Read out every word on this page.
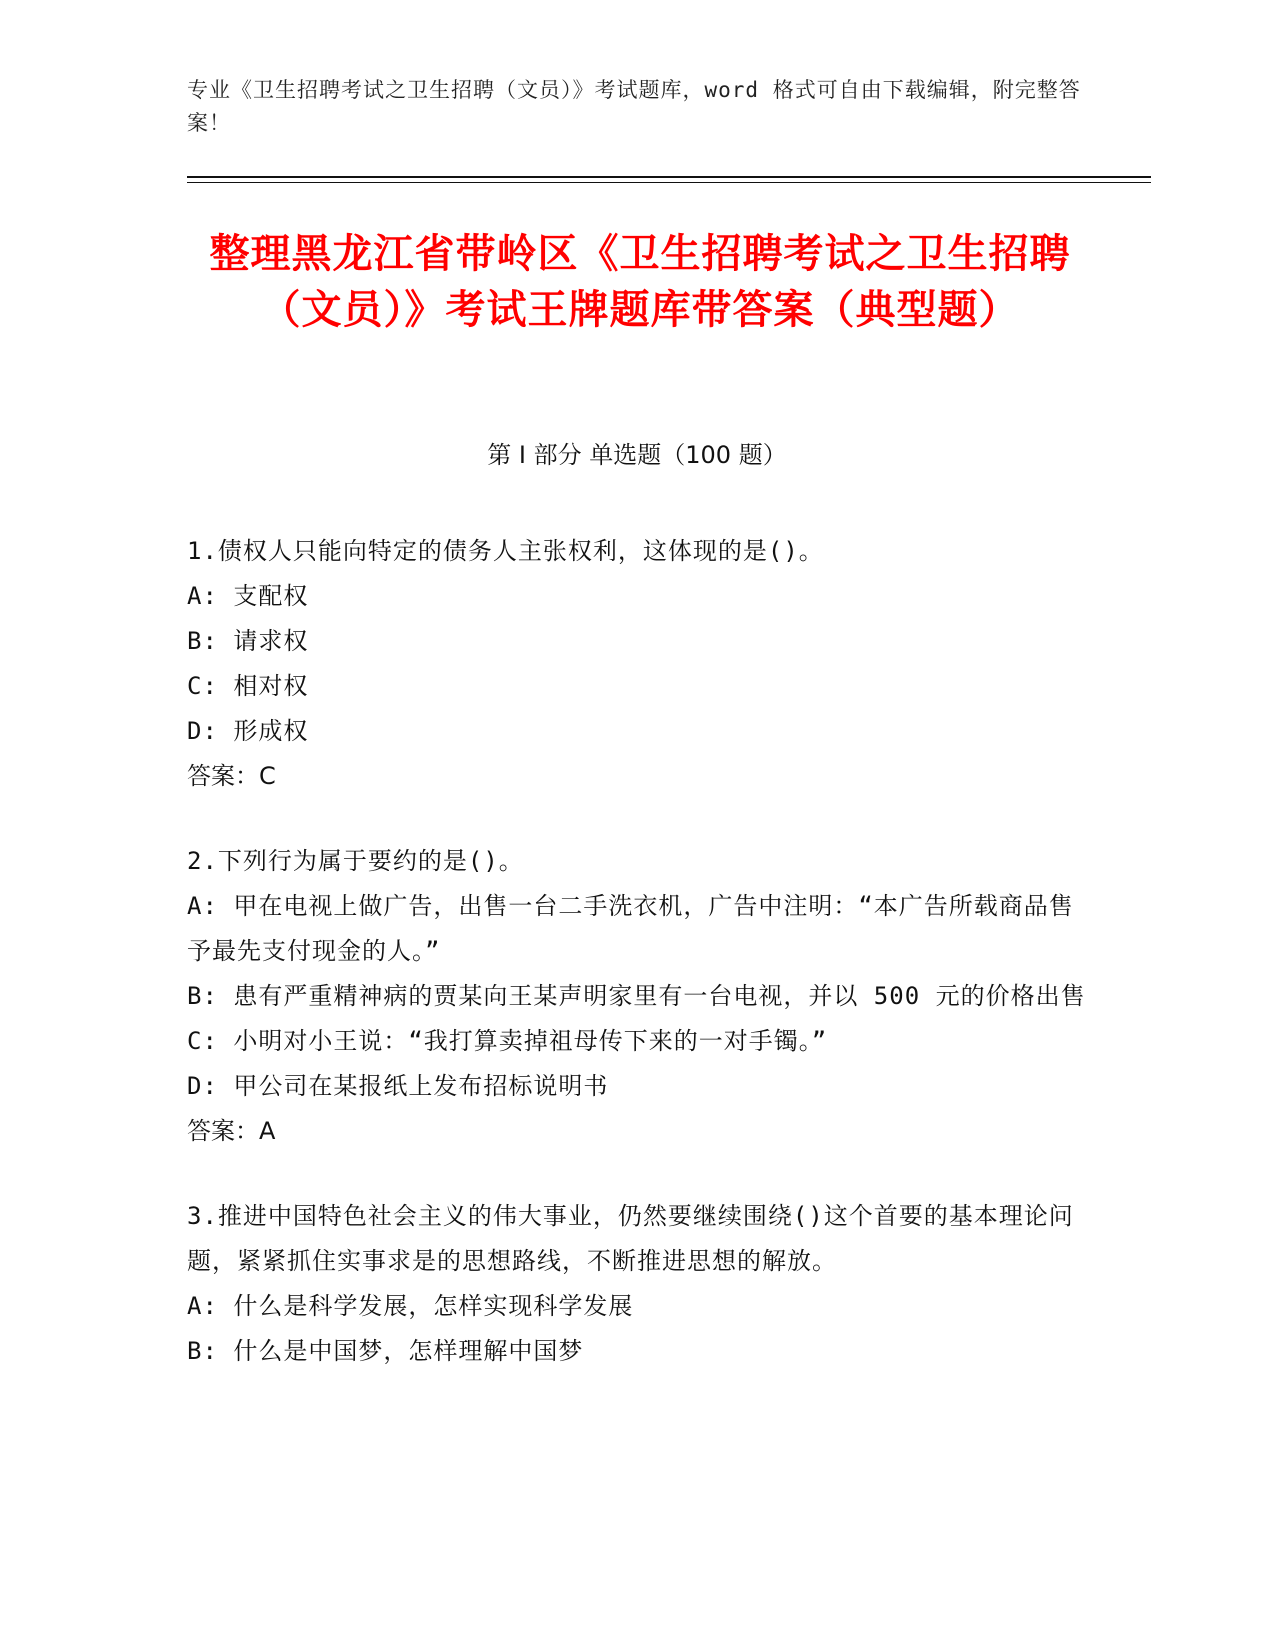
专业《卫生招聘考试之卫生招聘（文员）》考试题库，word 格式可自由下载编辑，附完整答案！
整理黑龙江省带岭区《卫生招聘考试之卫生招聘（文员）》考试王牌题库带答案（典型题）
第 I 部分 单选题（100 题）
1.债权人只能向特定的债务人主张权利，这体现的是()。
A: 支配权
B: 请求权
C: 相对权
D: 形成权
答案：C
2.下列行为属于要约的是()。
A: 甲在电视上做广告，出售一台二手洗衣机，广告中注明：“本广告所载商品售予最先支付现金的人。”
B: 患有严重精神病的贾某向王某声明家里有一台电视，并以 500 元的价格出售
C: 小明对小王说：“我打算卖掉祖母传下来的一对手镯。”
D: 甲公司在某报纸上发布招标说明书
答案：A
3.推进中国特色社会主义的伟大事业，仍然要继续围绕()这个首要的基本理论问题，紧紧抓住实事求是的思想路线，不断推进思想的解放。
A: 什么是科学发展，怎样实现科学发展
B: 什么是中国梦，怎样理解中国梦
